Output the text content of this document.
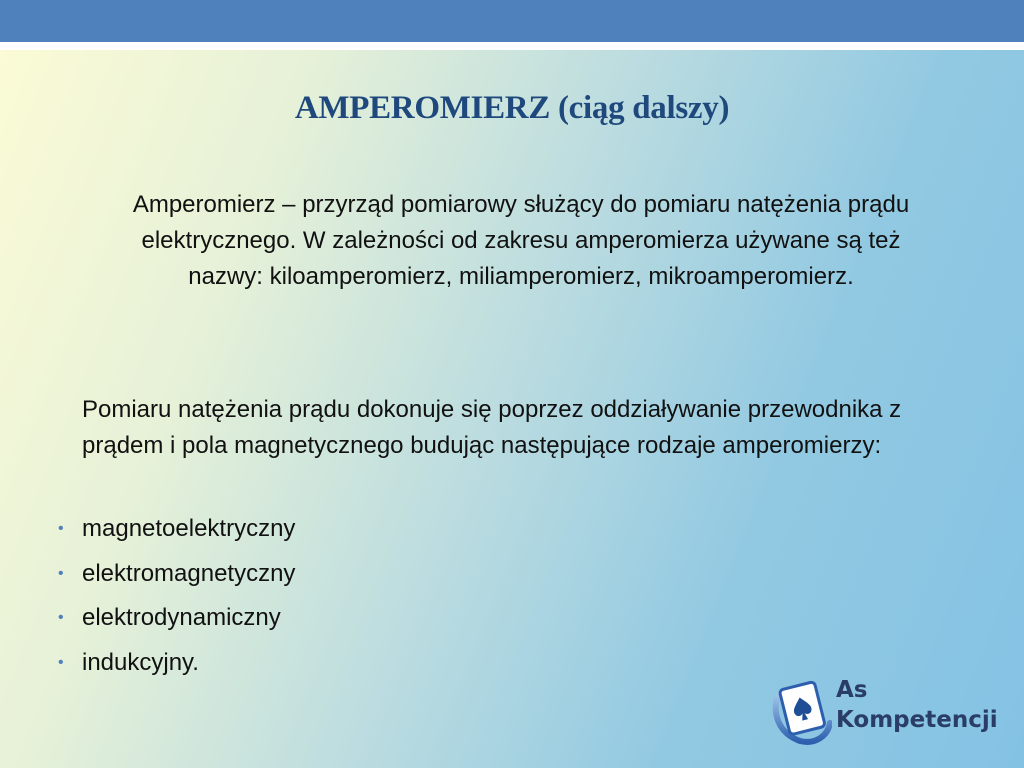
AMPEROMIERZ (ciąg dalszy)

Amperomierz – przyrząd pomiarowy służący do pomiaru natężenia prądu elektrycznego. W zależności od zakresu amperomierza używane są też nazwy: kiloamperomierz, miliamperomierz, mikroamperomierz.

Pomiaru natężenia prądu dokonuje się poprzez oddziaływanie przewodnika z prądem i pola magnetycznego budując następujące rodzaje amperomierzy:

• magnetoelektryczny
• elektromagnetyczny
• elektrodynamiczny
• indukcyjny.
As
Kompetencji
